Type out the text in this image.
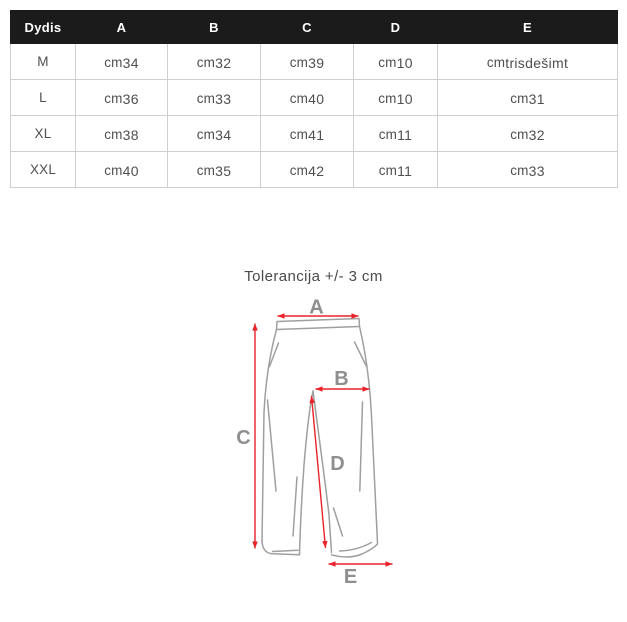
Dydis	A	B	C	D	E
M	cm34	cm32	cm39	cm10	cmtrisdešimt
L	cm36	cm33	cm40	cm10	cm31
XL	cm38	cm34	cm41	cm11	cm32
XXL	cm40	cm35	cm42	cm11	cm33
Tolerancija +/- 3 cm
A
B
C
D
E
